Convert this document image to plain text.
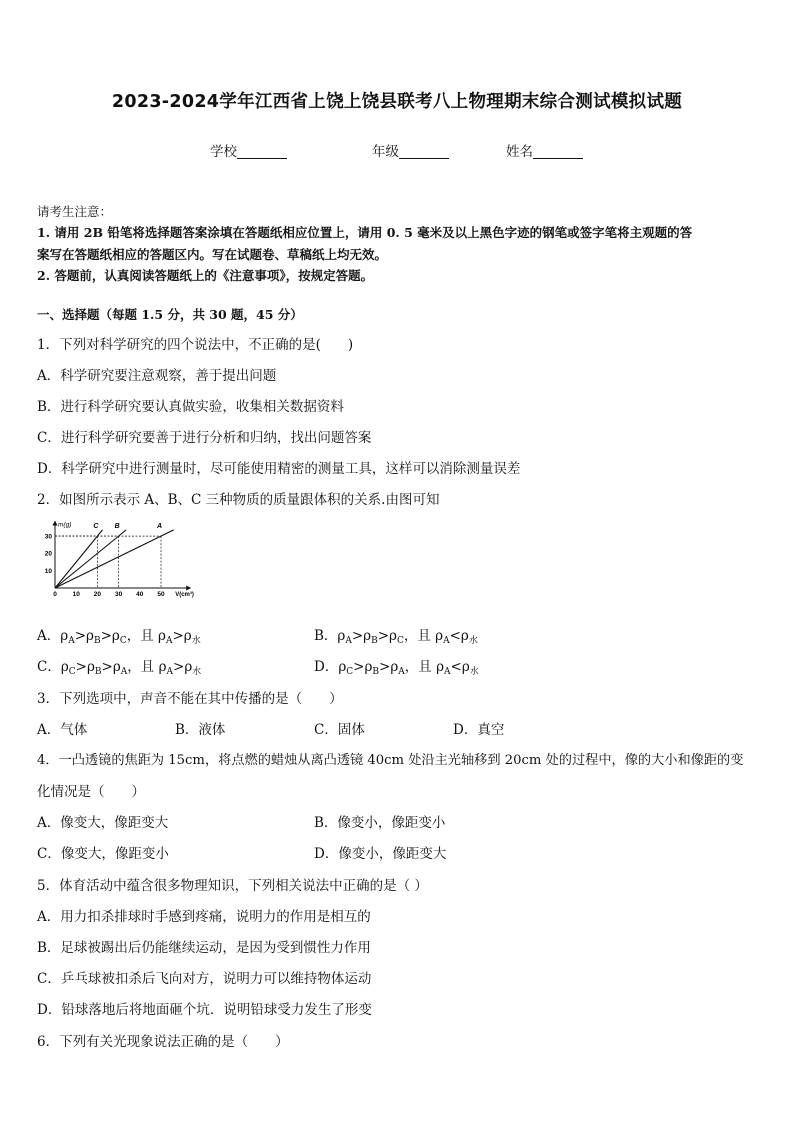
2023-2024学年江西省上饶上饶县联考八上物理期末综合测试模拟试题
学校	年级	姓名
请考生注意：
1. 请用 2B 铅笔将选择题答案涂填在答题纸相应位置上，请用 0. 5 毫米及以上黑色字迹的钢笔或签字笔将主观题的答
案写在答题纸相应的答题区内。写在试题卷、草稿纸上均无效。
2. 答题前，认真阅读答题纸上的《注意事项》，按规定答题。
一、选择题（每题 1.5 分，共 30 题，45 分）
1．下列对科学研究的四个说法中，不正确的是(　　)
A．科学研究要注意观察，善于提出问题
B．进行科学研究要认真做实验，收集相关数据资料
C．进行科学研究要善于进行分析和归纳，找出问题答案
D．科学研究中进行测量时，尽可能使用精密的测量工具，这样可以消除测量误差
2．如图所示表示 A、B、C 三种物质的质量跟体积的关系.由图可知
m(g)
V(cm³)
0 10 20 30 40 50
10
20
30
C B	A
A．$\rho_A>\rho_B>\rho_C$，且 $\rho_A>\rho_水$	B．$\rho_A>\rho_B>\rho_C$，且 $\rho_A<\rho_水$
C．$\rho_C>\rho_B>\rho_A$，且 $\rho_A>\rho_水$	D．$\rho_C>\rho_B>\rho_A$，且 $\rho_A<\rho_水$
3．下列选项中，声音不能在其中传播的是（　　）
A．气体	B．液体	C．固体	D．真空
4．一凸透镜的焦距为 15cm，将点燃的蜡烛从离凸透镜 40cm 处沿主光轴移到 20cm 处的过程中，像的大小和像距的变
化情况是（　　）
A．像变大，像距变大	B．像变小，像距变小
C．像变大，像距变小	D．像变小，像距变大
5．体育活动中蕴含很多物理知识，下列相关说法中正确的是（ ）
A．用力扣杀排球时手感到疼痛，说明力的作用是相互的
B．足球被踢出后仍能继续运动，是因为受到惯性力作用
C．乒乓球被扣杀后飞向对方，说明力可以维持物体运动
D．铅球落地后将地面砸个坑．说明铅球受力发生了形变
6．下列有关光现象说法正确的是（　　）
